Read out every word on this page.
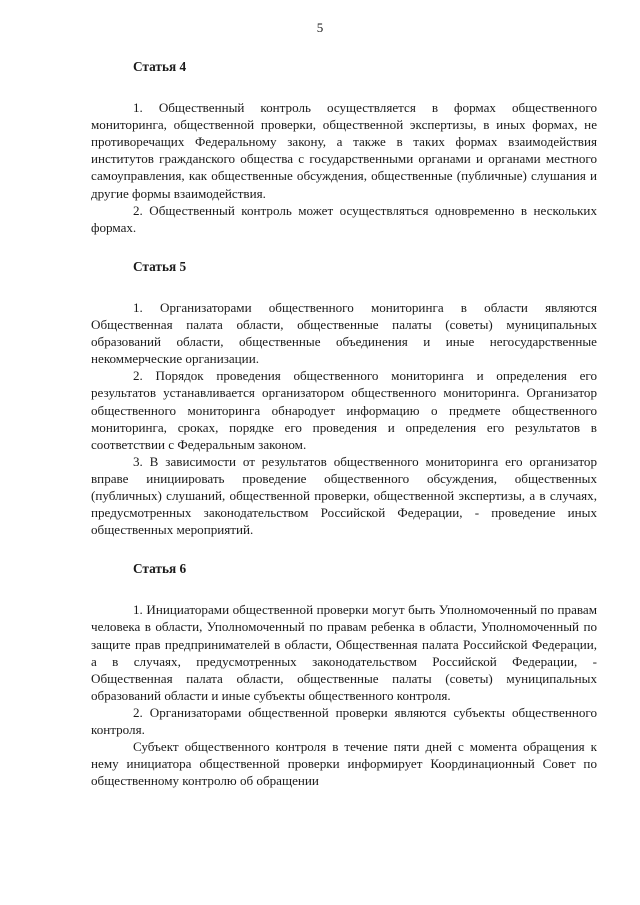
5
Статья 4

1. Общественный контроль осуществляется в формах общественного мониторинга, общественной проверки, общественной экспертизы, в иных формах, не противоречащих Федеральному закону, а также в таких формах взаимодействия институтов гражданского общества с государственными органами и органами местного самоуправления, как общественные обсуждения, общественные (публичные) слушания и другие формы взаимодействия.

2. Общественный контроль может осуществляться одновременно в нескольких формах.

Статья 5

1. Организаторами общественного мониторинга в области являются Общественная палата области, общественные палаты (советы) муниципальных образований области, общественные объединения и иные негосударственные некоммерческие организации.

2. Порядок проведения общественного мониторинга и определения его результатов устанавливается организатором общественного мониторинга. Организатор общественного мониторинга обнародует информацию о предмете общественного мониторинга, сроках, порядке его проведения и определения его результатов в соответствии с Федеральным законом.

3. В зависимости от результатов общественного мониторинга его организатор вправе инициировать проведение общественного обсуждения, общественных (публичных) слушаний, общественной проверки, общественной экспертизы, а в случаях, предусмотренных законодательством Российской Федерации, - проведение иных общественных мероприятий.

Статья 6

1. Инициаторами общественной проверки могут быть Уполномоченный по правам человека в области, Уполномоченный по правам ребенка в области, Уполномоченный по защите прав предпринимателей в области, Общественная палата Российской Федерации, а в случаях, предусмотренных законодательством Российской Федерации, - Общественная палата области, общественные палаты (советы) муниципальных образований области и иные субъекты общественного контроля.

2. Организаторами общественной проверки являются субъекты общественного контроля.

Субъект общественного контроля в течение пяти дней с момента обращения к нему инициатора общественной проверки информирует Координационный Совет по общественному контролю об обращении
